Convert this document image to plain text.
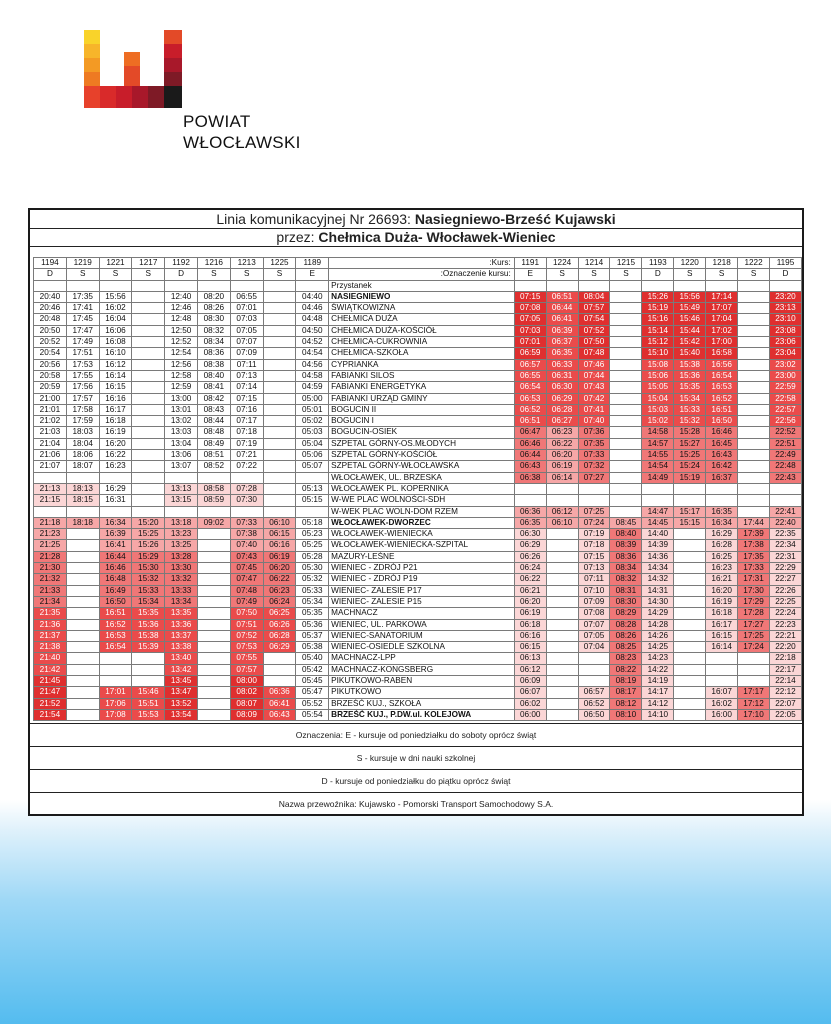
POWIAT
WŁOCŁAWSKI
Linia komunikacyjnej Nr 26693: Nasiegniewo-Brześć Kujawski
przez: Chełmica Duża- Włocławek-Wieniec
1194	1219	1221	1217	1192	1216	1213	1225	1189	:Kurs:	1191	1224	1214	1215	1193	1220	1218	1222	1195
D	S	S	S	D	S	S	S	E	:Oznaczenie kursu:	E	S	S	S	D	S	S	S	D
									Przystanek									
20:40	17:35	15:56		12:40	08:20	06:55		04:40	NASIEGNIEWO	07:15	06:51	08:04		15:26	15:56	17:14		23:20
20:46	17:41	16:02		12:46	08:26	07:01		04:46	ŚWIĄTKOWIZNA	07:08	06:44	07:57		15:19	15:49	17:07		23:13
20:48	17:45	16:04		12:48	08:30	07:03		04:48	CHEŁMICA DUŻA	07:05	06:41	07:54		15:16	15:46	17:04		23:10
20:50	17:47	16:06		12:50	08:32	07:05		04:50	CHEŁMICA DUŻA-KOŚCIÓŁ	07:03	06:39	07:52		15:14	15:44	17:02		23:08
20:52	17:49	16:08		12:52	08:34	07:07		04:52	CHEŁMICA-CUKROWNIA	07:01	06:37	07:50		15:12	15:42	17:00		23:06
20:54	17:51	16:10		12:54	08:36	07:09		04:54	CHEŁMICA-SZKOŁA	06:59	06:35	07:48		15:10	15:40	16:58		23:04
20:56	17:53	16:12		12:56	08:38	07:11		04:56	CYPRIANKA	06:57	06:33	07:46		15:08	15:38	16:56		23:02
20:58	17:55	16:14		12:58	08:40	07:13		04:58	FABIANKI SILOS	06:55	06:31	07:44		15:06	15:36	16:54		23:00
20:59	17:56	16:15		12:59	08:41	07:14		04:59	FABIANKI ENERGETYKA	06:54	06:30	07:43		15:05	15:35	16:53		22:59
21:00	17:57	16:16		13:00	08:42	07:15		05:00	FABIANKI URZĄD GMINY	06:53	06:29	07:42		15:04	15:34	16:52		22:58
21:01	17:58	16:17		13:01	08:43	07:16		05:01	BOGUCIN II	06:52	06:28	07:41		15:03	15:33	16:51		22:57
21:02	17:59	16:18		13:02	08:44	07:17		05:02	BOGUCIN I	06:51	06:27	07:40		15:02	15:32	16:50		22:56
21:03	18:03	16:19		13:03	08:48	07:18		05:03	BOGUCIN-OSIEK	06:47	06:23	07:36		14:58	15:28	16:46		22:52
21:04	18:04	16:20		13:04	08:49	07:19		05:04	SZPETAL GÓRNY-OS.MŁODYCH	06:46	06:22	07:35		14:57	15:27	16:45		22:51
21:06	18:06	16:22		13:06	08:51	07:21		05:06	SZPETAL GÓRNY-KOŚCIÓŁ	06:44	06:20	07:33		14:55	15:25	16:43		22:49
21:07	18:07	16:23		13:07	08:52	07:22		05:07	SZPETAL GÓRNY-WŁOCŁAWSKA	06:43	06:19	07:32		14:54	15:24	16:42		22:48
									WŁOCŁAWEK, UL. BRZESKA	06:38	06:14	07:27		14:49	15:19	16:37		22:43
21:13	18:13	16:29		13:13	08:58	07:28		05:13	WŁOCŁAWEK PL. KOPERNIKA									
21:15	18:15	16:31		13:15	08:59	07:30		05:15	W-WE PLAC WOLNOŚCI-SDH									
									W-WEK PLAC WOLN-DOM RZEM	06:36	06:12	07:25		14:47	15:17	16:35		22:41
21:18	18:18	16:34	15:20	13:18	09:02	07:33	06:10	05:18	WŁOCŁAWEK-DWORZEC	06:35	06:10	07:24	08:45	14:45	15:15	16:34	17:44	22:40
21:23		16:39	15:25	13:23		07:38	06:15	05:23	WŁOCŁAWEK-WIENIECKA	06:30		07:19	08:40	14:40		16:29	17:39	22:35
21:25		16:41	15:26	13:25		07:40	06:16	05:25	WŁOCŁAWEK-WIENIECKA-SZPITAL	06:29		07:18	08:39	14:39		16:28	17:38	22:34
21:28		16:44	15:29	13:28		07:43	06:19	05:28	MAZURY-LEŚNE	06:26		07:15	08:36	14:36		16:25	17:35	22:31
21:30		16:46	15:30	13:30		07:45	06:20	05:30	WIENIEC - ZDRÓJ P21	06:24		07:13	08:34	14:34		16:23	17:33	22:29
21:32		16:48	15:32	13:32		07:47	06:22	05:32	WIENIEC - ZDRÓJ P19	06:22		07:11	08:32	14:32		16:21	17:31	22:27
21:33		16:49	15:33	13:33		07:48	06:23	05:33	WIENIEC- ZALESIE P17	06:21		07:10	08:31	14:31		16:20	17:30	22:26
21:34		16:50	15:34	13:34		07:49	06:24	05:34	WIENIEC- ZALESIE P15	06:20		07:09	08:30	14:30		16:19	17:29	22:25
21:35		16:51	15:35	13:35		07:50	06:25	05:35	MACHNACZ	06:19		07:08	08:29	14:29		16:18	17:28	22:24
21:36		16:52	15:36	13:36		07:51	06:26	05:36	WIENIEC, UL. PARKOWA	06:18		07:07	08:28	14:28		16:17	17:27	22:23
21:37		16:53	15:38	13:37		07:52	06:28	05:37	WIENIEC-SANATORIUM	06:16		07:05	08:26	14:26		16:15	17:25	22:21
21:38		16:54	15:39	13:38		07:53	06:29	05:38	WIENIEC-OSIEDLE SZKOLNA	06:15		07:04	08:25	14:25		16:14	17:24	22:20
21:40				13:40		07:55		05:40	MACHNACZ-LPP	06:13			08:23	14:23				22:18
21:42				13:42		07:57		05:42	MACHNACZ-KONGSBERG	06:12			08:22	14:22				22:17
21:45				13:45		08:00		05:45	PIKUTKOWO-RABEN	06:09			08:19	14:19				22:14
21:47		17:01	15:46	13:47		08:02	06:36	05:47	PIKUTKOWO	06:07		06:57	08:17	14:17		16:07	17:17	22:12
21:52		17:06	15:51	13:52		08:07	06:41	05:52	BRZEŚĆ KUJ., SZKOŁA	06:02		06:52	08:12	14:12		16:02	17:12	22:07
21:54		17:08	15:53	13:54		08:09	06:43	05:54	BRZEŚĆ KUJ., P.DW.ul. KOLEJOWA	06:00		06:50	08:10	14:10		16:00	17:10	22:05
Oznaczenia: E - kursuje od poniedziałku do soboty oprócz świąt
S - kursuje w dni nauki szkolnej
D - kursuje od poniedziałku do piątku oprócz świąt
Nazwa przewoźnika: Kujawsko - Pomorski Transport Samochodowy S.A.
